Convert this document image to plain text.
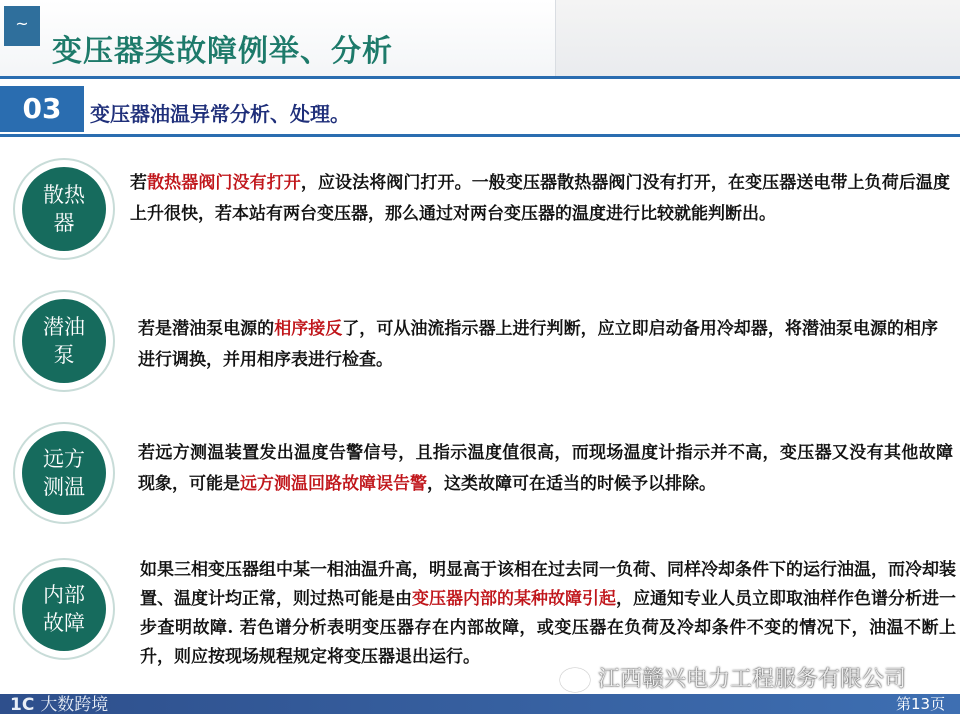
~
变压器类故障例举、分析
03	变压器油温异常分析、处理。
散热
器

若散热器阀门没有打开，应设法将阀门打开。一般变压器散热器阀门没有打开，在变压器送电带上负荷后温度上升很快，若本站有两台变压器，那么通过对两台变压器的温度进行比较就能判断出。

潜油
泵

若是潜油泵电源的相序接反了，可从油流指示器上进行判断，应立即启动备用冷却器，将潜油泵电源的相序进行调换，并用相序表进行检查。

远方
测温

若远方测温装置发出温度告警信号，且指示温度值很高，而现场温度计指示并不高，变压器又没有其他故障现象，可能是远方测温回路故障误告警，这类故障可在适当的时候予以排除。

内部
故障

如果三相变压器组中某一相油温升高，明显高于该相在过去同一负荷、同样冷却条件下的运行油温，而冷却装置、温度计均正常，则过热可能是由变压器内部的某种故障引起，应通知专业人员立即取油样作色谱分析进一步查明故障. 若色谱分析表明变压器存在内部故障，或变压器在负荷及冷却条件不变的情况下，油温不断上升，则应按现场规程规定将变压器退出运行。

1C 大数跨境
江西赣兴电力工程服务有限公司
第13页
